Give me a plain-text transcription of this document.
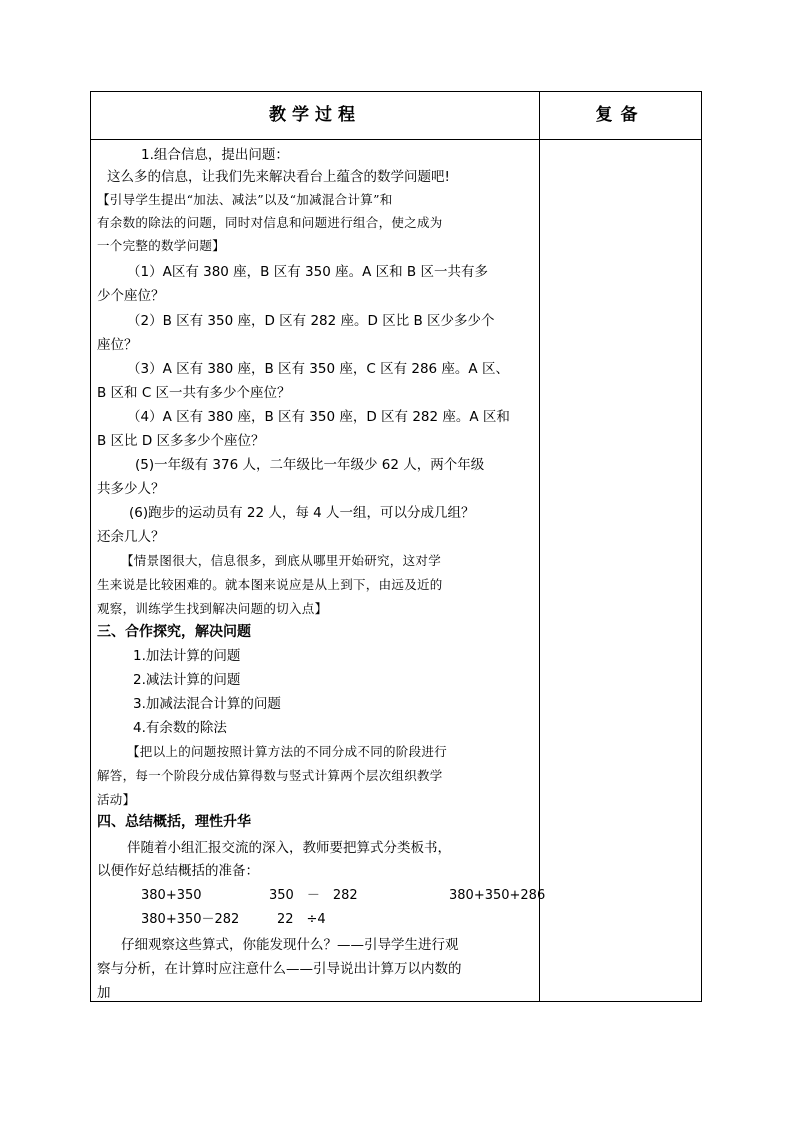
教学过程	复备
1.组合信息，提出问题：
这么多的信息，让我们先来解决看台上蕴含的数学问题吧!
【引导学生提出“加法、减法”以及“加减混合计算”和
有余数的除法的问题，同时对信息和问题进行组合，使之成为
一个完整的数学问题】
（1）A区有 380 座，B 区有 350 座。A 区和 B 区一共有多
少个座位？
（2）B 区有 350 座，D 区有 282 座。D 区比 B 区少多少个
座位？
（3）A 区有 380 座，B 区有 350 座，C 区有 286 座。A 区、
B 区和 C 区一共有多少个座位？
（4）A 区有 380 座，B 区有 350 座，D 区有 282 座。A 区和
B 区比 D 区多多少个座位？
(5)一年级有 376 人，二年级比一年级少 62 人，两个年级
共多少人？
(6)跑步的运动员有 22 人，每 4 人一组，可以分成几组？
还余几人？
【情景图很大，信息很多，到底从哪里开始研究，这对学
生来说是比较困难的。就本图来说应是从上到下，由远及近的
观察，训练学生找到解决问题的切入点】
三、合作探究，解决问题
1.加法计算的问题
2.减法计算的问题
3.加减法混合计算的问题
4.有余数的除法
【把以上的问题按照计算方法的不同分成不同的阶段进行
解答，每一个阶段分成估算得数与竖式计算两个层次组织教学
活动】
四、总结概括，理性升华
伴随着小组汇报交流的深入，教师要把算式分类板书，
以便作好总结概括的准备：
380+350	350　－　282	380+350+286
380+350－282	22　÷4
仔细观察这些算式，你能发现什么？——引导学生进行观
察与分析，在计算时应注意什么——引导说出计算万以内数的
加
